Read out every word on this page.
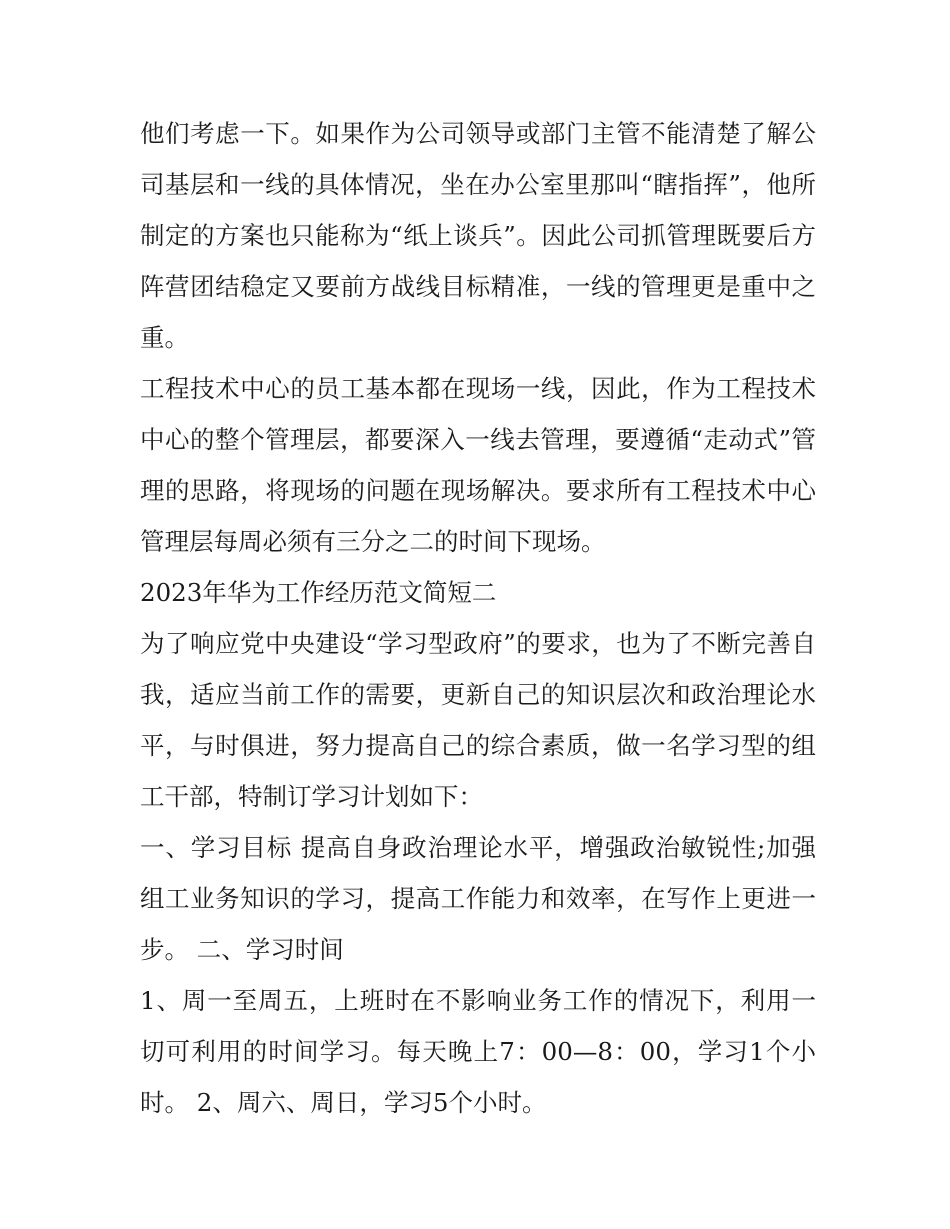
他们考虑一下。如果作为公司领导或部门主管不能清楚了解公司基层和一线的具体情况，坐在办公室里那叫“瞎指挥”，他所制定的方案也只能称为“纸上谈兵”。因此公司抓管理既要后方阵营团结稳定又要前方战线目标精准，一线的管理更是重中之重。

工程技术中心的员工基本都在现场一线，因此，作为工程技术中心的整个管理层，都要深入一线去管理，要遵循“走动式”管理的思路，将现场的问题在现场解决。要求所有工程技术中心管理层每周必须有三分之二的时间下现场。

2023年华为工作经历范文简短二

为了响应党中央建设“学习型政府”的要求，也为了不断完善自我，适应当前工作的需要，更新自己的知识层次和政治理论水平，与时俱进，努力提高自己的综合素质，做一名学习型的组工干部，特制订学习计划如下：

一、学习目标 提高自身政治理论水平，增强政治敏锐性;加强组工业务知识的学习，提高工作能力和效率，在写作上更进一步。 二、学习时间

1、周一至周五，上班时在不影响业务工作的情况下，利用一切可利用的时间学习。每天晚上7：00—8：00，学习1个小时。 2、周六、周日，学习5个小时。
